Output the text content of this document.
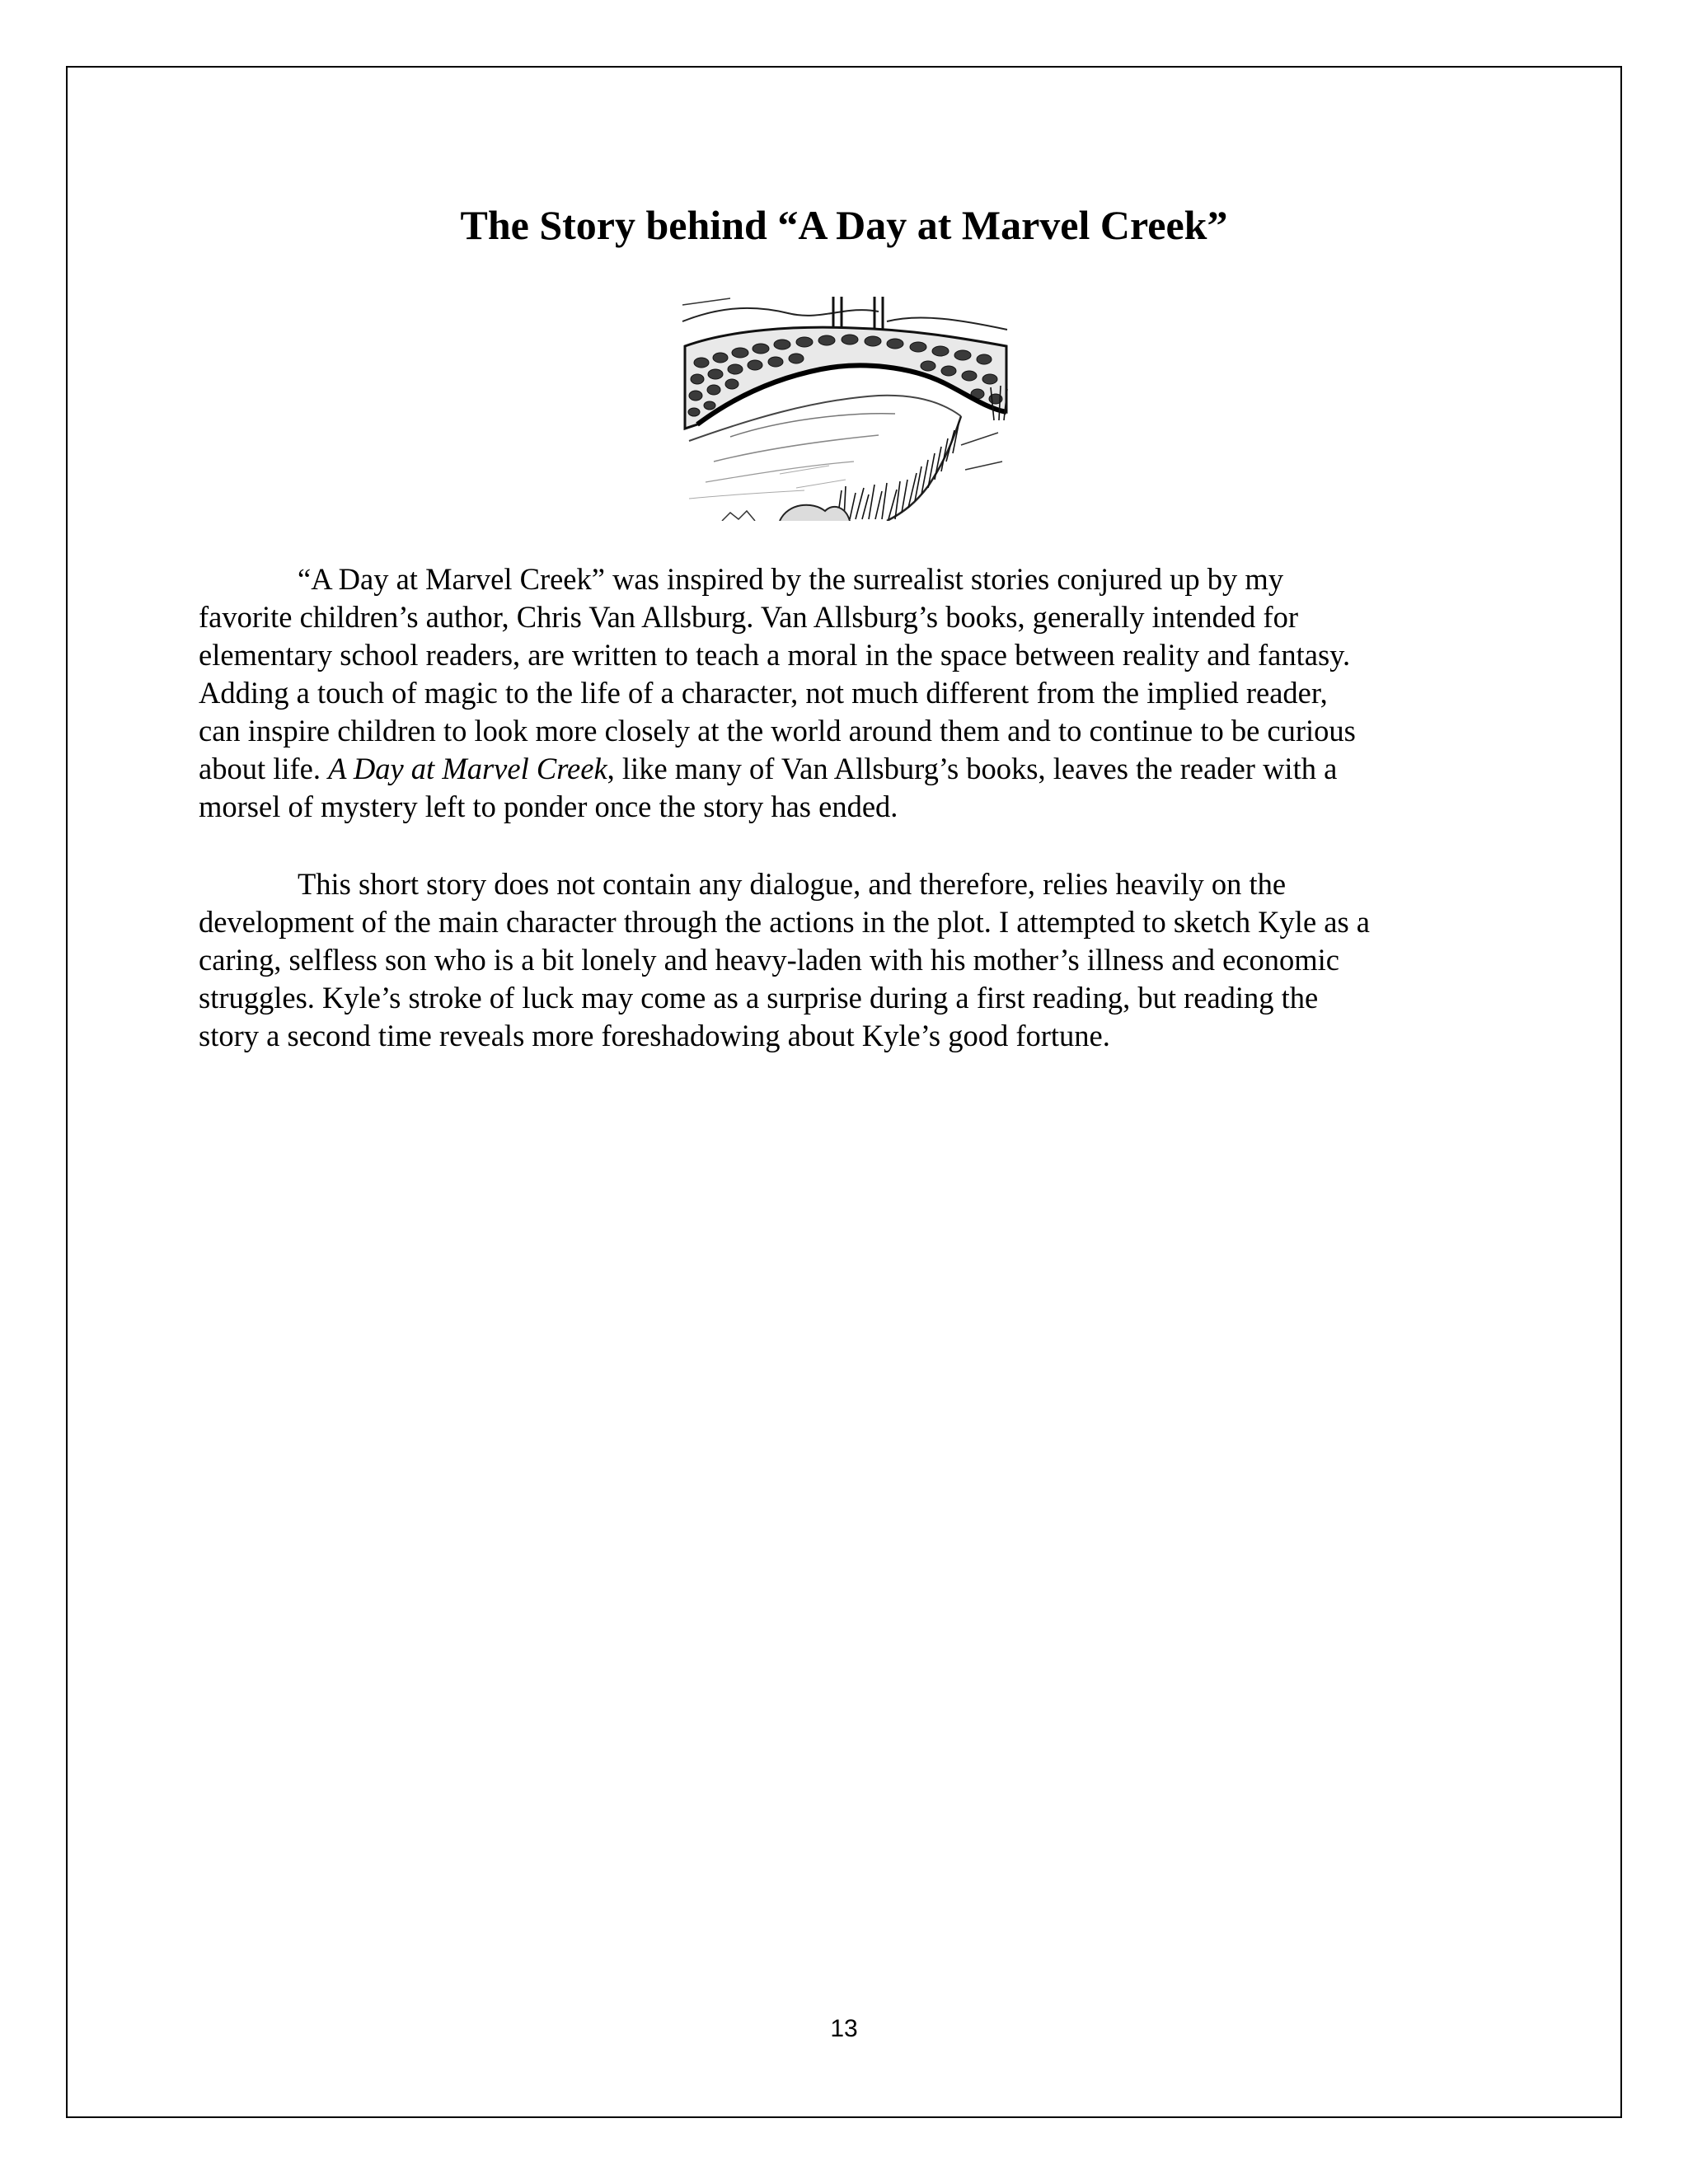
The Story behind “A Day at Marvel Creek”

“A Day at Marvel Creek” was inspired by the surrealist stories conjured up by my
favorite children’s author, Chris Van Allsburg. Van Allsburg’s books, generally intended for
elementary school readers, are written to teach a moral in the space between reality and fantasy.
Adding a touch of magic to the life of a character, not much different from the implied reader,
can inspire children to look more closely at the world around them and to continue to be curious
about life. A Day at Marvel Creek, like many of Van Allsburg’s books, leaves the reader with a
morsel of mystery left to ponder once the story has ended.

This short story does not contain any dialogue, and therefore, relies heavily on the
development of the main character through the actions in the plot. I attempted to sketch Kyle as a
caring, selfless son who is a bit lonely and heavy-laden with his mother’s illness and economic
struggles. Kyle’s stroke of luck may come as a surprise during a first reading, but reading the
story a second time reveals more foreshadowing about Kyle’s good fortune.

13
